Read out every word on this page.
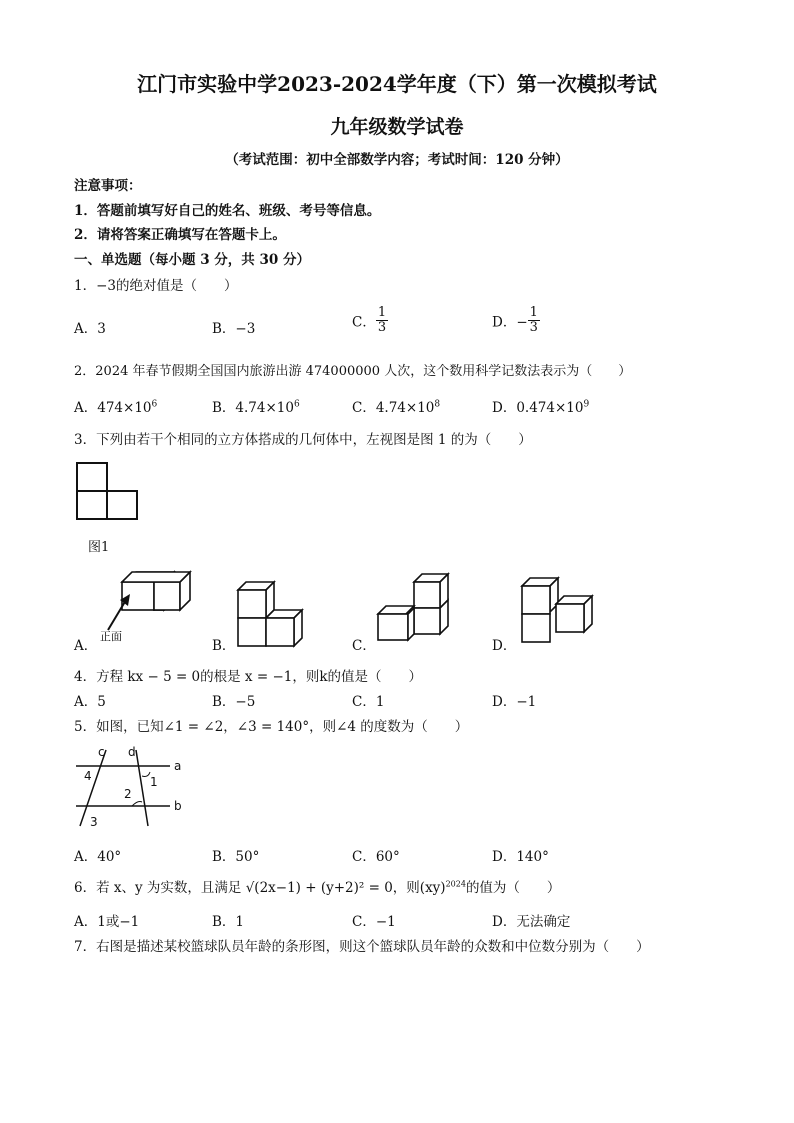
江门市实验中学2023-2024学年度（下）第一次模拟考试
九年级数学试卷
（考试范围：初中全部数学内容；考试时间：120 分钟）
注意事项：
1．答题前填写好自己的姓名、班级、考号等信息。
2．请将答案正确填写在答题卡上。
一、单选题（每小题 3 分，共 30 分）
1．−3的绝对值是（　　）
A．3	B．−3	C． $\frac{1}{3}$	D．− $\frac{1}{3}$
2．2024 年春节假期全国国内旅游出游 474000000 人次，这个数用科学记数法表示为（　　）
A．$474\times 10^6$	B．$4.74\times 10^6$	C．$4.74\times 10^8$	D．$0.474\times 10^9$
3．下列由若干个相同的立方体搭成的几何体中，左视图是图 1 的为（　　）
图1
正面
A．	B．	C．	D．
4．方程 kx − 5 = 0的根是 x = −1，则k的值是（　　）
A．5	B．−5	C．1	D．−1
5．如图，已知∠1 = ∠2，∠3 = 140°，则∠4 的度数为（　　）
c d
a
b
1
2
3
4
A．40°	B．50°	C．60°	D．140°
6．若 x、y 为实数，且满足 √(2x−1) + (y+2)² = 0，则(xy)$^{2024}$的值为（　　）
A．1或−1	B．1	C．−1	D．无法确定
7．右图是描述某校篮球队员年龄的条形图，则这个篮球队员年龄的众数和中位数分别为（　　）
